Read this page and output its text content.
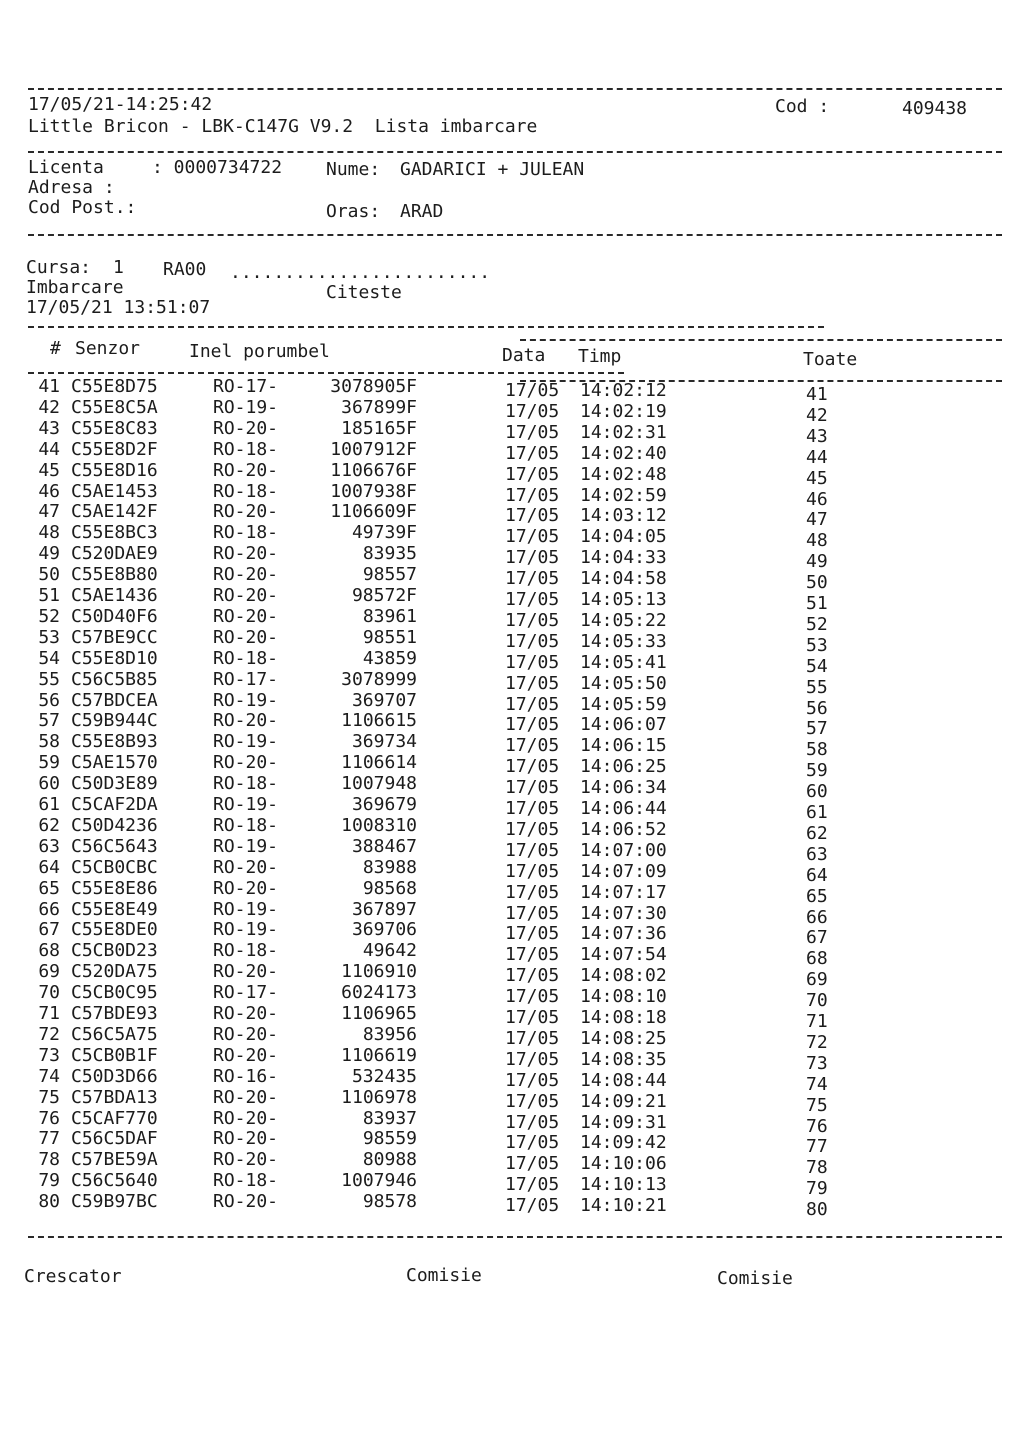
17/05/21-14:25:42	Cod :	409438
Little Bricon - LBK-C147G V9.2  Lista imbarcare
Licenta	: 0000734722 Nume: GADARICI + JULEAN
Adresa :
Cod Post.:	Oras: ARAD
Cursa: 1 RA00 ........................
Imbarcare	Citeste
17/05/21 13:51:07
# Senzor	Inel porumbel	Data Timp	Toate
41 C55E8D75	RO-17-	3078905F	17/05 14:02:12	41
42 C55E8C5A	RO-19-	367899F	17/05 14:02:19	42
43 C55E8C83	RO-20-	185165F	17/05 14:02:31	43
44 C55E8D2F	RO-18-	1007912F	17/05 14:02:40	44
45 C55E8D16	RO-20-	1106676F	17/05 14:02:48	45
46 C5AE1453	RO-18-	1007938F	17/05 14:02:59	46
47 C5AE142F	RO-20-	1106609F	17/05 14:03:12	47
48 C55E8BC3	RO-18-	49739F	17/05 14:04:05	48
49 C520DAE9	RO-20-	83935	17/05 14:04:33	49
50 C55E8B80	RO-20-	98557	17/05 14:04:58	50
51 C5AE1436	RO-20-	98572F	17/05 14:05:13	51
52 C50D40F6	RO-20-	83961	17/05 14:05:22	52
53 C57BE9CC	RO-20-	98551	17/05 14:05:33	53
54 C55E8D10	RO-18-	43859	17/05 14:05:41	54
55 C56C5B85	RO-17-	3078999	17/05 14:05:50	55
56 C57BDCEA	RO-19-	369707	17/05 14:05:59	56
57 C59B944C	RO-20-	1106615	17/05 14:06:07	57
58 C55E8B93	RO-19-	369734	17/05 14:06:15	58
59 C5AE1570	RO-20-	1106614	17/05 14:06:25	59
60 C50D3E89	RO-18-	1007948	17/05 14:06:34	60
61 C5CAF2DA	RO-19-	369679	17/05 14:06:44	61
62 C50D4236	RO-18-	1008310	17/05 14:06:52	62
63 C56C5643	RO-19-	388467	17/05 14:07:00	63
64 C5CB0CBC	RO-20-	83988	17/05 14:07:09	64
65 C55E8E86	RO-20-	98568	17/05 14:07:17	65
66 C55E8E49	RO-19-	367897	17/05 14:07:30	66
67 C55E8DE0	RO-19-	369706	17/05 14:07:36	67
68 C5CB0D23	RO-18-	49642	17/05 14:07:54	68
69 C520DA75	RO-20-	1106910	17/05 14:08:02	69
70 C5CB0C95	RO-17-	6024173	17/05 14:08:10	70
71 C57BDE93	RO-20-	1106965	17/05 14:08:18	71
72 C56C5A75	RO-20-	83956	17/05 14:08:25	72
73 C5CB0B1F	RO-20-	1106619	17/05 14:08:35	73
74 C50D3D66	RO-16-	532435	17/05 14:08:44	74
75 C57BDA13	RO-20-	1106978	17/05 14:09:21	75
76 C5CAF770	RO-20-	83937	17/05 14:09:31	76
77 C56C5DAF	RO-20-	98559	17/05 14:09:42	77
78 C57BE59A	RO-20-	80988	17/05 14:10:06	78
79 C56C5640	RO-18-	1007946	17/05 14:10:13	79
80 C59B97BC	RO-20-	98578	17/05 14:10:21	80
Crescator	Comisie	Comisie
